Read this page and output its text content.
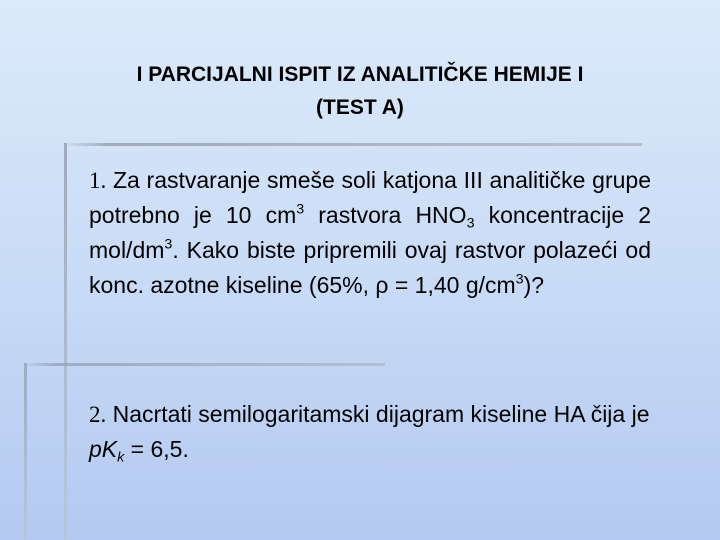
I PARCIJALNI ISPIT IZ ANALITIČKE HEMIJE I
(TEST A)
1. Za rastvaranje smeše soli katjona III analitičke grupe potrebno je 10 $cm^3$ rastvora $HNO_3$ koncentracije 2 mol/$dm^3$. Kako biste pripremili ovaj rastvor polazeći od konc. azotne kiseline (65%, ρ = 1,40 $g/cm^3$)?
2. Nacrtati semilogaritamski dijagram kiseline HA čija je $pK_k = 6,5$.
